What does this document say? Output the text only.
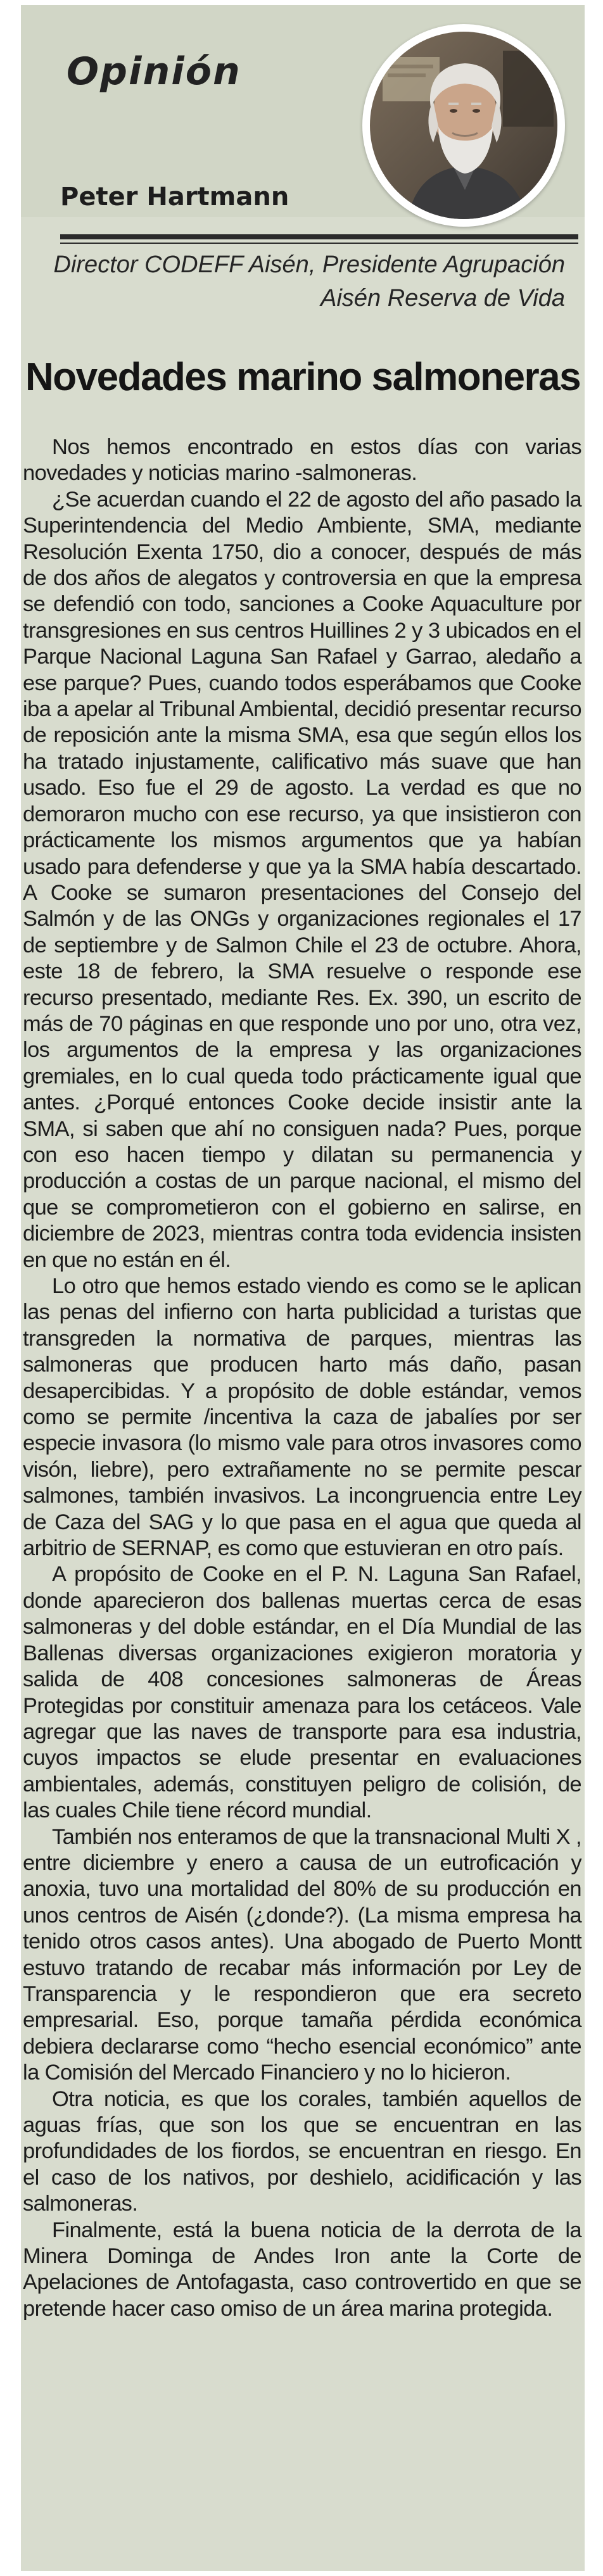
Opinión
Peter Hartmann
Director CODEFF Aisén, Presidente Agrupación
Aisén Reserva de Vida
Novedades marino salmoneras

Nos hemos encontrado en estos días con varias novedades y noticias marino -salmoneras.

¿Se acuerdan cuando el 22 de agosto del año pasado la Superintendencia del Medio Ambiente, SMA, mediante Resolución Exenta 1750, dio a conocer, después de más de dos años de alegatos y controversia en que la empresa se defendió con todo, sanciones a Cooke Aquaculture por transgresiones en sus centros Huillines 2 y 3 ubicados en el Parque Nacional Laguna San Rafael y Garrao, aledaño a ese parque? Pues, cuando todos esperábamos que Cooke iba a apelar al Tribunal Ambiental, decidió presentar recurso de reposición ante la misma SMA, esa que según ellos los ha tratado injustamente, calificativo más suave que han usado. Eso fue el 29 de agosto. La verdad es que no demoraron mucho con ese recurso, ya que insistieron con prácticamente los mismos argumentos que ya habían usado para defenderse y que ya la SMA había descartado. A Cooke se sumaron presentaciones del Consejo del Salmón y de las ONGs y organizaciones regionales el 17 de septiembre y de Salmon Chile el 23 de octubre. Ahora, este 18 de febrero, la SMA resuelve o responde ese recurso presentado, mediante Res. Ex. 390, un escrito de más de 70 páginas en que responde uno por uno, otra vez, los argumentos de la empresa y las organizaciones gremiales, en lo cual queda todo prácticamente igual que antes. ¿Porqué entonces Cooke decide insistir ante la SMA, si saben que ahí no consiguen nada? Pues, porque con eso hacen tiempo y dilatan su permanencia y producción a costas de un parque nacional, el mismo del que se comprometieron con el gobierno en salirse, en diciembre de 2023, mientras contra toda evidencia insisten en que no están en él.

Lo otro que hemos estado viendo es como se le aplican las penas del infierno con harta publicidad a turistas que transgreden la normativa de parques, mientras las salmoneras que producen harto más daño, pasan desapercibidas. Y a propósito de doble estándar, vemos como se permite /incentiva la caza de jabalíes por ser especie invasora (lo mismo vale para otros invasores como visón, liebre), pero extrañamente no se permite pescar salmones, también invasivos. La incongruencia entre Ley de Caza del SAG y lo que pasa en el agua que queda al arbitrio de SERNAP, es como que estuvieran en otro país.

A propósito de Cooke en el P. N. Laguna San Rafael, donde aparecieron dos ballenas muertas cerca de esas salmoneras y del doble estándar, en el Día Mundial de las Ballenas diversas organizaciones exigieron moratoria y salida de 408 concesiones salmoneras de Áreas Protegidas por constituir amenaza para los cetáceos. Vale agregar que las naves de transporte para esa industria, cuyos impactos se elude presentar en evaluaciones ambientales, además, constituyen peligro de colisión, de las cuales Chile tiene récord mundial.

También nos enteramos de que la transnacional Multi X , entre diciembre y enero a causa de un eutroficación y anoxia, tuvo una mortalidad del 80% de su producción en unos centros de Aisén (¿donde?). (La misma empresa ha tenido otros casos antes). Una abogado de Puerto Montt estuvo tratando de recabar más información por Ley de Transparencia y le respondieron que era secreto empresarial. Eso, porque tamaña pérdida económica debiera declararse como “hecho esencial económico” ante la Comisión del Mercado Financiero y no lo hicieron.

Otra noticia, es que los corales, también aquellos de aguas frías, que son los que se encuentran en las profundidades de los fiordos, se encuentran en riesgo. En el caso de los nativos, por deshielo, acidificación y las salmoneras.

Finalmente, está la buena noticia de la derrota de la Minera Dominga de Andes Iron ante la Corte de Apelaciones de Antofagasta, caso controvertido en que se pretende hacer caso omiso de un área marina protegida.
